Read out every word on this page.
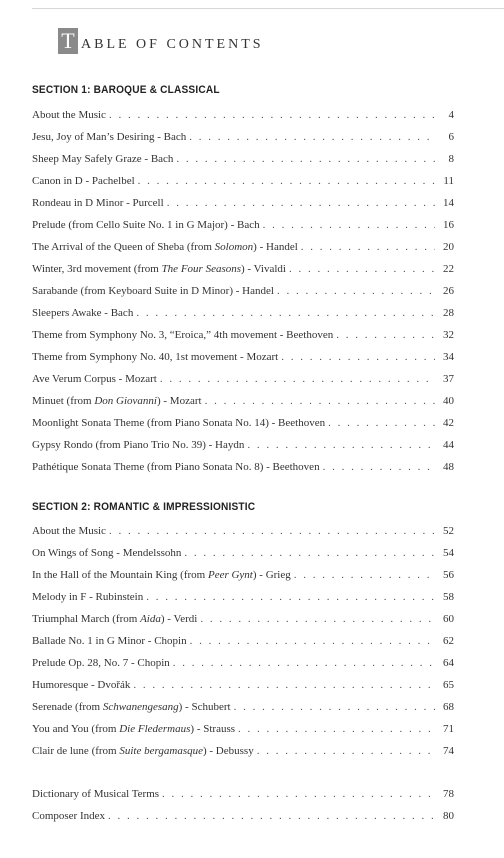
T ABLE OF CONTENTS
SECTION 1: BAROQUE & CLASSICAL
About the Music . . .	4
Jesu, Joy of Man’s Desiring - Bach . . .	6
Sheep May Safely Graze - Bach . . .	8
Canon in D - Pachelbel . . .	11
Rondeau in D Minor - Purcell . . .	14
Prelude (from Cello Suite No. 1 in G Major) - Bach . . .	16
The Arrival of the Queen of Sheba (from Solomon) - Handel . . .	20
Winter, 3rd movement (from The Four Seasons) - Vivaldi . . .	22
Sarabande (from Keyboard Suite in D Minor) - Handel . . .	26
Sleepers Awake - Bach . . .	28
Theme from Symphony No. 3, “Eroica,” 4th movement - Beethoven . . .	32
Theme from Symphony No. 40, 1st movement - Mozart . . .	34
Ave Verum Corpus - Mozart . . .	37
Minuet (from Don Giovanni) - Mozart . . .	40
Moonlight Sonata Theme (from Piano Sonata No. 14) - Beethoven . . .	42
Gypsy Rondo (from Piano Trio No. 39) - Haydn . . .	44
Pathétique Sonata Theme (from Piano Sonata No. 8) - Beethoven . . .	48
SECTION 2: ROMANTIC & IMPRESSIONISTIC
About the Music . . .	52
On Wings of Song - Mendelssohn . . .	54
In the Hall of the Mountain King (from Peer Gynt) - Grieg . . .	56
Melody in F - Rubinstein . . .	58
Triumphal March (from Aida) - Verdi . . .	60
Ballade No. 1 in G Minor - Chopin . . .	62
Prelude Op. 28, No. 7 - Chopin . . .	64
Humoresque - Dvořák . . .	65
Serenade (from Schwanengesang) - Schubert . . .	68
You and You (from Die Fledermaus) - Strauss . . .	71
Clair de lune (from Suite bergamasque) - Debussy . . .	74
Dictionary of Musical Terms . . .	78
Composer Index . . .	80
